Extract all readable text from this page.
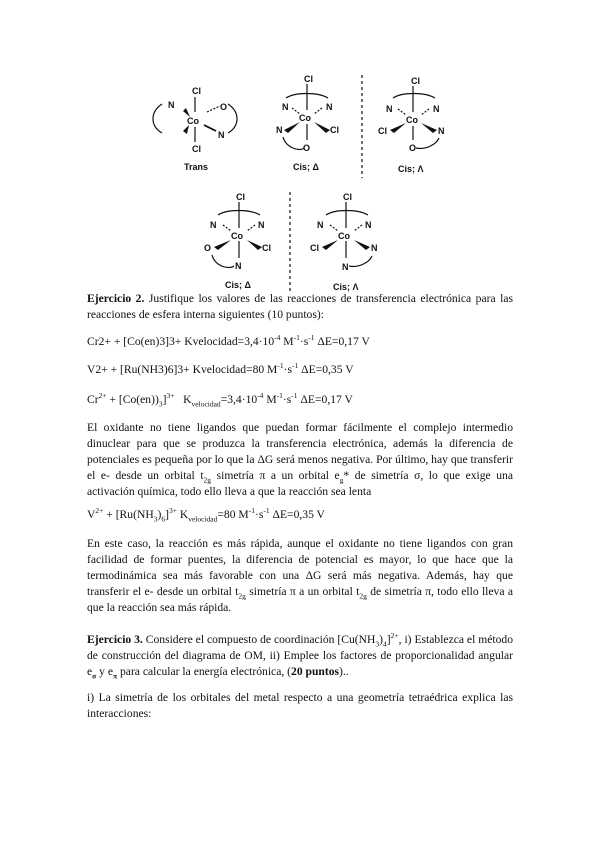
Cl
Co
N	O
N
Cl
Trans
Cl
N	N
Co
N	Cl
O
Cis; Δ
Cl
N	N
Co
Cl	N
O
Cis; Λ
Cl
N	N
Co
O	Cl
N
Cis; Δ
Cl
N	N
Co
Cl	N
N
Cis; Λ

Ejercicio 2. Justifique los valores de las reacciones de transferencia electrónica para las reacciones de esfera interna siguientes (10 puntos):

$Cr2+ + [Co(en)3]3+ Kvelocidad=3,4\cdot 10^{-4}$ $M^{-1}\cdot s^{-1}$ ΔE=0,17 V

V2+ + [Ru(NH3)6]3+ Kvelocidad=80 $M^{-1}\cdot s^{-1}$ ΔE=0,35 V

$Cr^{2+} + [Co(en))_3]^{3+}$ $K_{velocidad}=3,4\cdot 10^{-4}$ $M^{-1}\cdot s^{-1}$ ΔE=0,17 V

El oxidante no tiene ligandos que puedan formar fácilmente el complejo intermedio dinuclear para que se produzca la transferencia electrónica, además la diferencia de potenciales es pequeña por lo que la ΔG será menos negativa. Por último, hay que transferir el e- desde un orbital $t_{2g}$ simetría π a un orbital $e_g*$ de simetría σ, lo que exige una activación química, todo ello lleva a que la reacción sea lenta

$V^{2+} + [Ru(NH_3)_6]^{3+}$ $K_{velocidad}=80$ $M^{-1}\cdot s^{-1}$ ΔE=0,35 V

En este caso, la reacción es más rápida, aunque el oxidante no tiene ligandos con gran facilidad de formar puentes, la diferencia de potencial es mayor, lo que hace que la termodinámica sea más favorable con una ΔG será más negativa. Además, hay que transferir el e- desde un orbital $t_{2g}$ simetría π a un orbital $t_{2g}$ de simetría π, todo ello lleva a que la reacción sea más rápida.

Ejercicio 3. Considere el compuesto de coordinación $[Cu(NH_3)_4]^{2+}$, i) Establezca el método de construcción del diagrama de OM, ii) Emplee los factores de proporcionalidad angular $e_\sigma$ y $e_\pi$ para calcular la energía electrónica, (20 puntos)..

i) La simetría de los orbitales del metal respecto a una geometría tetraédrica explica las interacciones:
